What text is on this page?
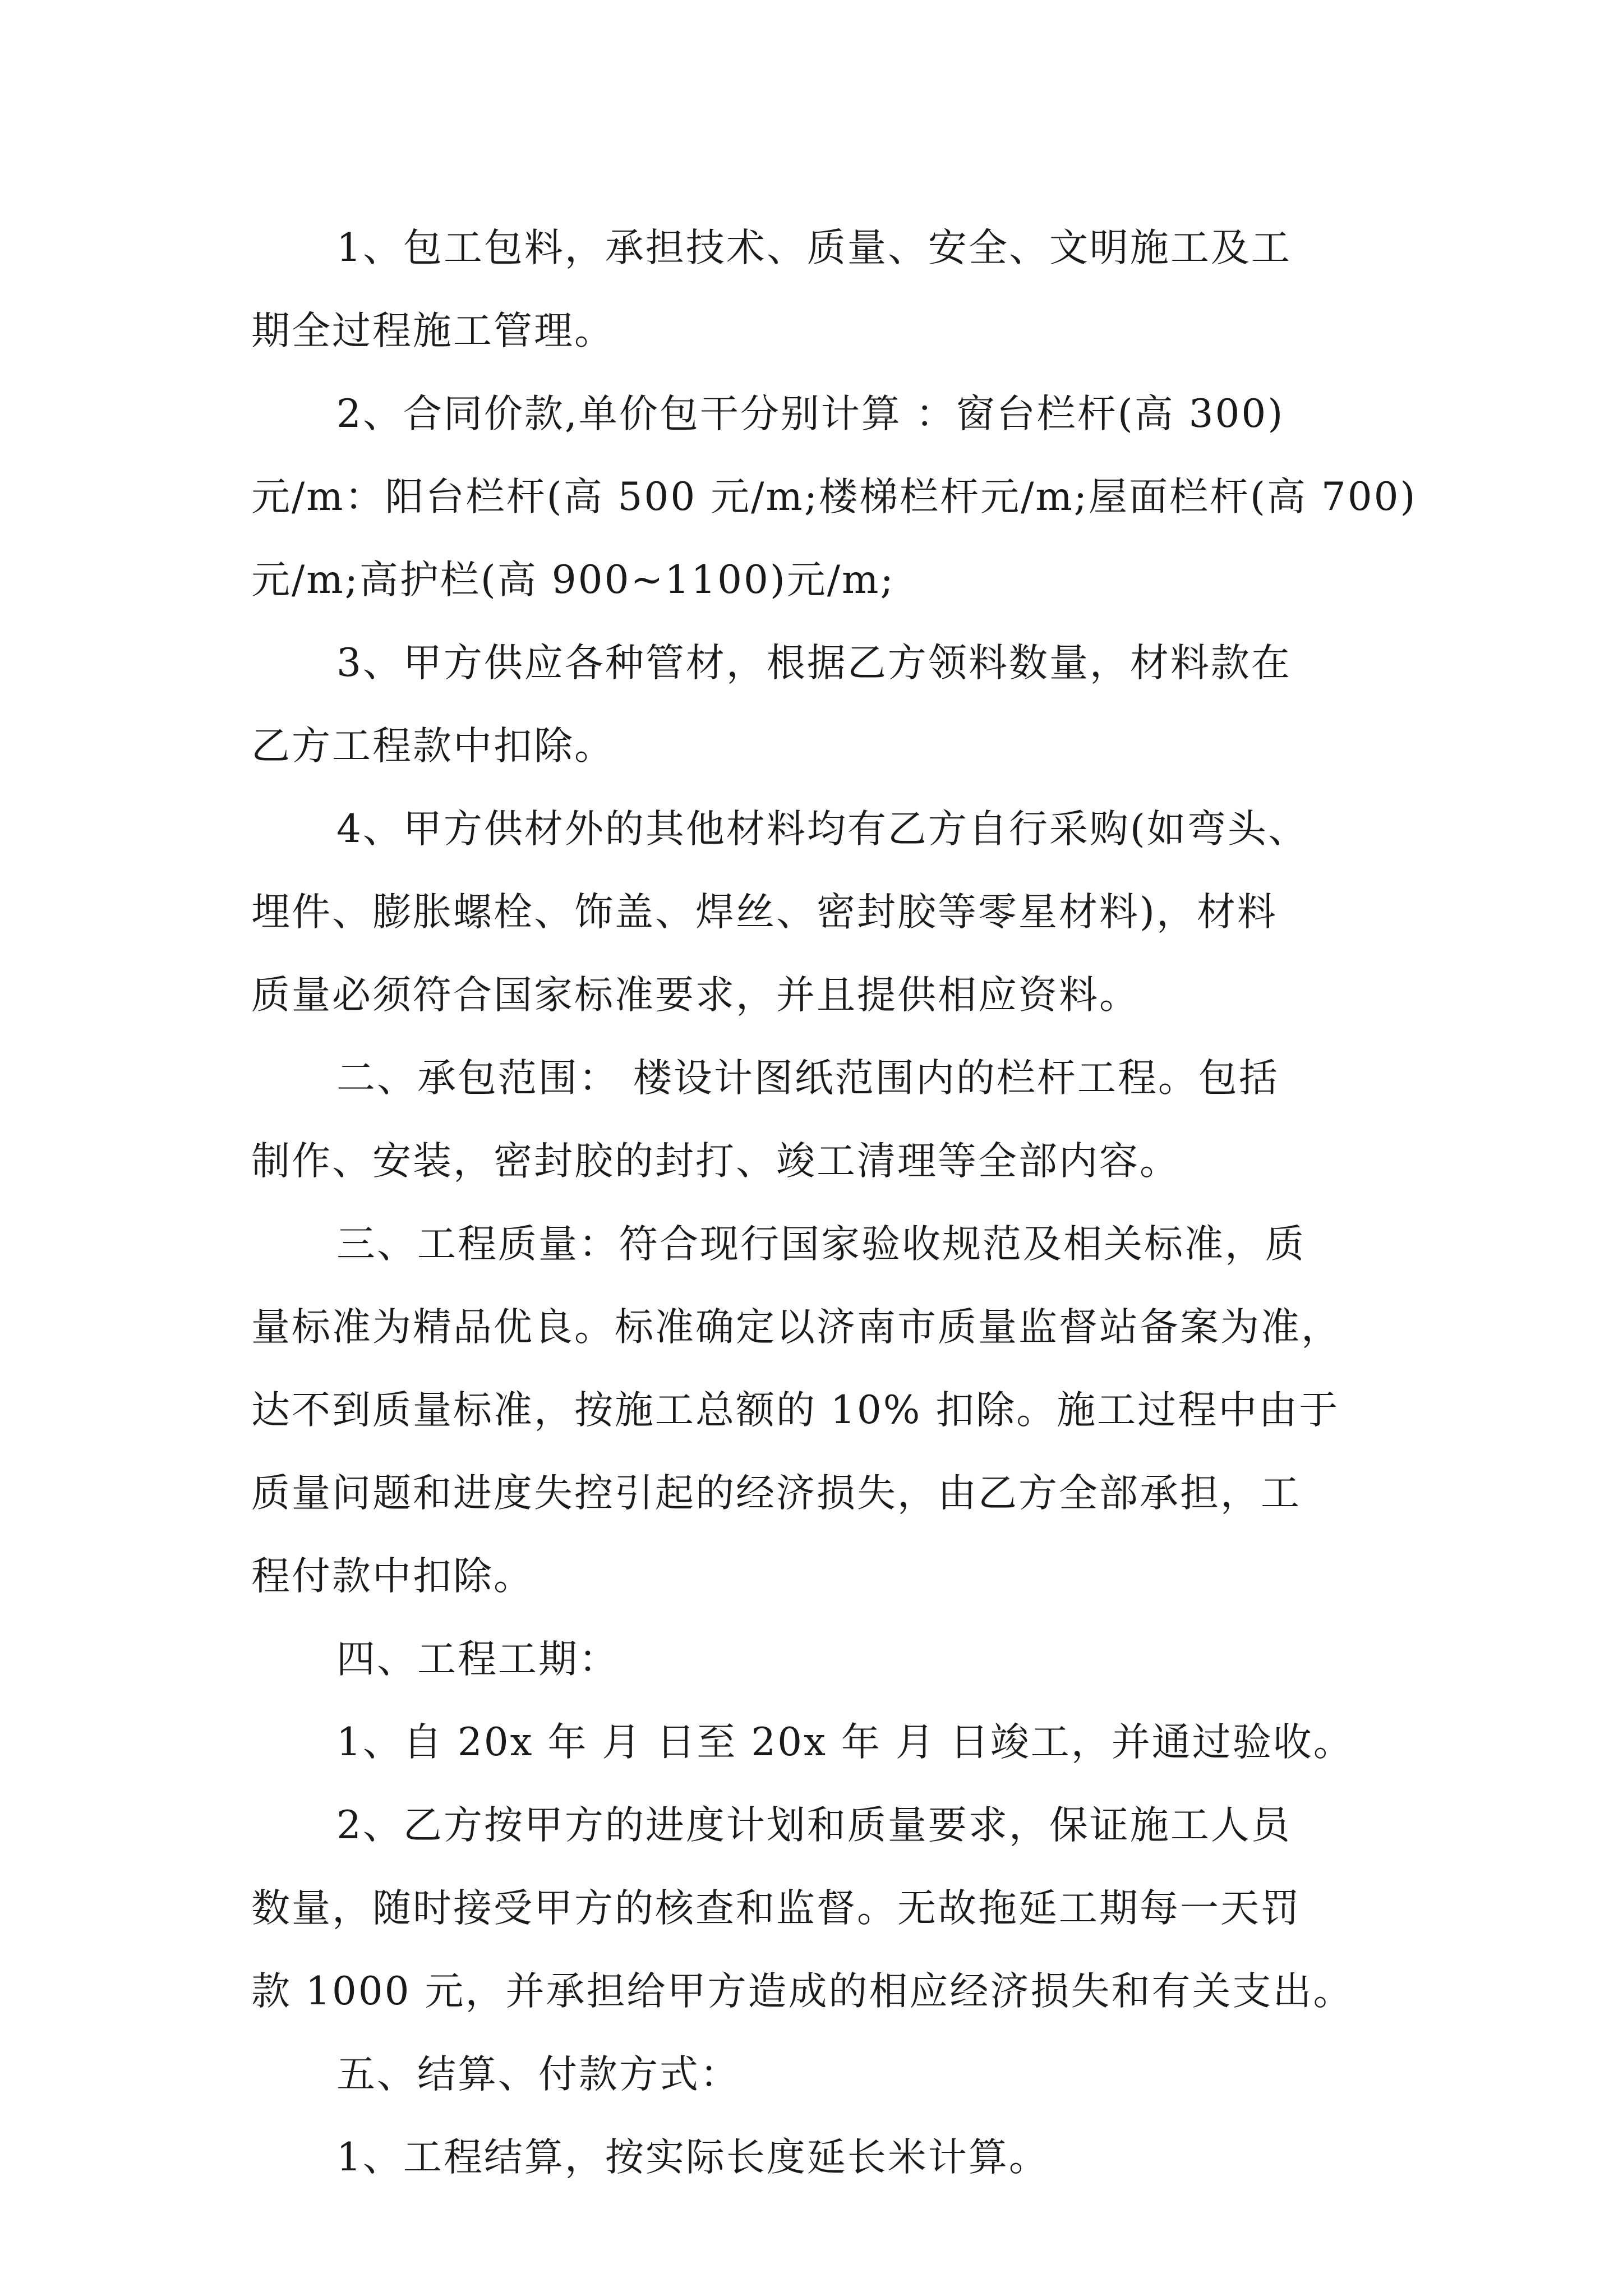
1、包工包料，承担技术、质量、安全、文明施工及工
期全过程施工管理。
2、合同价款,单价包干分别计算 ：窗台栏杆(高 300)
元/m：阳台栏杆(高 500 元/m;楼梯栏杆元/m;屋面栏杆(高 700)
元/m;高护栏(高 900~1100)元/m;
3、甲方供应各种管材，根据乙方领料数量，材料款在
乙方工程款中扣除。
4、甲方供材外的其他材料均有乙方自行采购(如弯头、
埋件、膨胀螺栓、饰盖、焊丝、密封胶等零星材料)，材料
质量必须符合国家标准要求，并且提供相应资料。
二、承包范围： 楼设计图纸范围内的栏杆工程。包括
制作、安装，密封胶的封打、竣工清理等全部内容。
三、工程质量：符合现行国家验收规范及相关标准，质
量标准为精品优良。标准确定以济南市质量监督站备案为准，
达不到质量标准，按施工总额的 10% 扣除。施工过程中由于
质量问题和进度失控引起的经济损失，由乙方全部承担，工
程付款中扣除。
四、工程工期：
1、自 20x 年 月 日至 20x 年 月 日竣工，并通过验收。
2、乙方按甲方的进度计划和质量要求，保证施工人员
数量，随时接受甲方的核查和监督。无故拖延工期每一天罚
款 1000 元，并承担给甲方造成的相应经济损失和有关支出。
五、结算、付款方式：
1、工程结算，按实际长度延长米计算。
